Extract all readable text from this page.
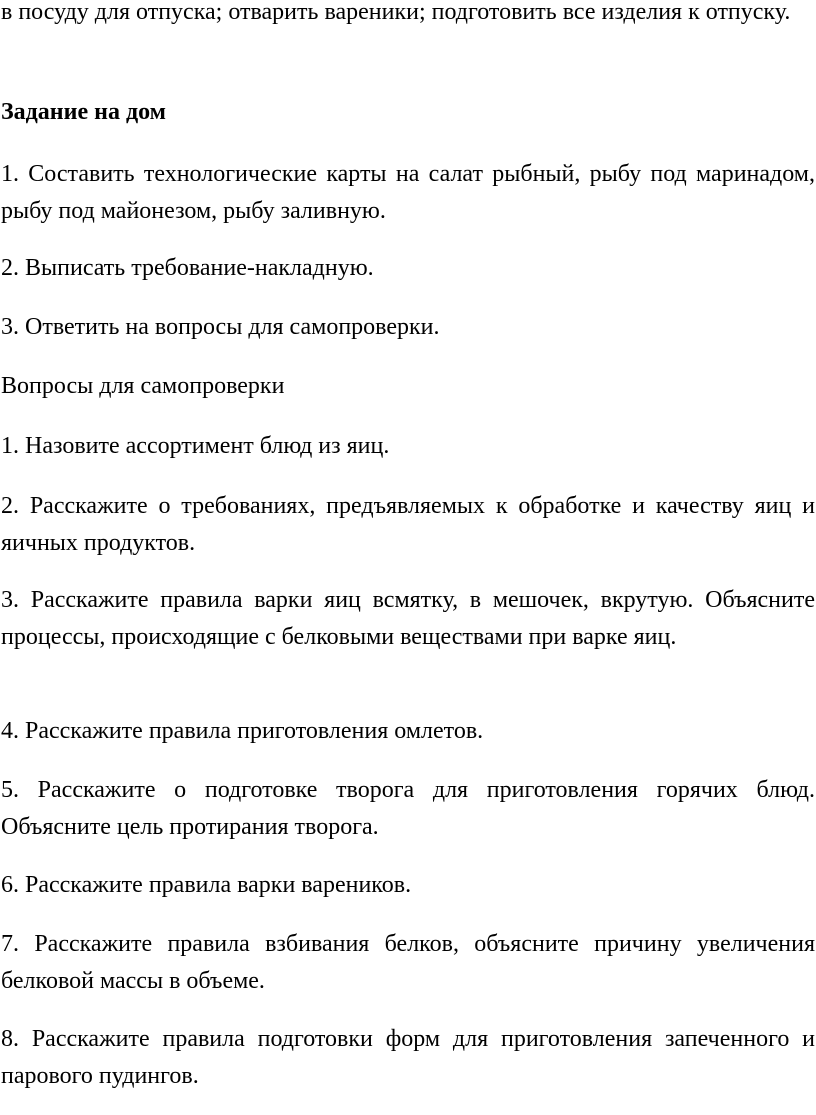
в посуду для отпуска; отварить вареники; подготовить все изделия к отпуску.

Задание на дом

1. Составить технологические карты на салат рыбный, рыбу под маринадом, рыбу под майонезом, рыбу заливную.

2. Выписать требование-накладную.

3. Ответить на вопросы для самопроверки.

Вопросы для самопроверки

1. Назовите ассортимент блюд из яиц.

2. Расскажите о требованиях, предъявляемых к обработке и качеству яиц и яичных продуктов.

3. Расскажите правила варки яиц всмятку, в мешочек, вкрутую. Объясните процессы, происходящие с белковыми веществами при варке яиц.

4. Расскажите правила приготовления омлетов.

5. Расскажите о подготовке творога для приготовления горячих блюд. Объясните цель протирания творога.

6. Расскажите правила варки вареников.

7. Расскажите правила взбивания белков, объясните причину увеличения белковой массы в объеме.

8. Расскажите правила подготовки форм для приготовления запеченного и парового пудингов.
